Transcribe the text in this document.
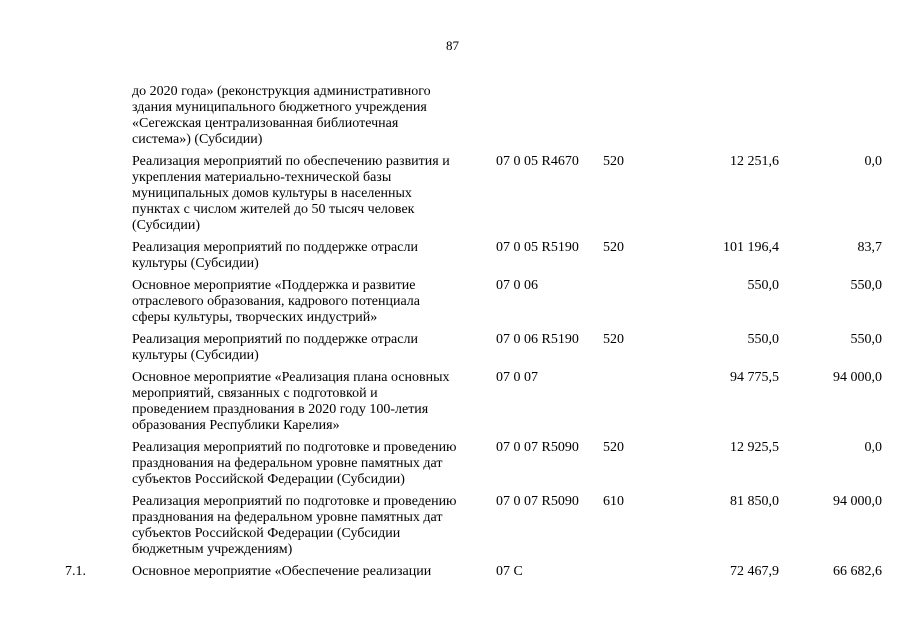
87
до 2020 года» (реконструкция административного
здания муниципального бюджетного учреждения
«Сегежская централизованная библиотечная
система») (Субсидии)
Реализация мероприятий по обеспечению развития и
укрепления материально-технической базы
муниципальных домов культуры в населенных
пунктах с числом жителей до 50 тысяч человек
(Субсидии)
07 0 05 R4670 520	12 251,6	0,0
Реализация мероприятий по поддержке отрасли
культуры (Субсидии)
07 0 05 R5190 520	101 196,4	83,7
Основное мероприятие «Поддержка и развитие
отраслевого образования, кадрового потенциала
сферы культуры, творческих индустрий»
07 0 06	550,0	550,0
Реализация мероприятий по поддержке отрасли
культуры (Субсидии)
07 0 06 R5190 520	550,0	550,0
Основное мероприятие «Реализация плана основных
мероприятий, связанных с подготовкой и
проведением празднования в 2020 году 100-летия
образования Республики Карелия»
07 0 07	94 775,5	94 000,0
Реализация мероприятий по подготовке и проведению
празднования на федеральном уровне памятных дат
субъектов Российской Федерации (Субсидии)
07 0 07 R5090 520	12 925,5	0,0
Реализация мероприятий по подготовке и проведению
празднования на федеральном уровне памятных дат
субъектов Российской Федерации (Субсидии
бюджетным учреждениям)
07 0 07 R5090 610	81 850,0	94 000,0
7.1.	Основное мероприятие «Обеспечение реализации	07 С	72 467,9	66 682,6
